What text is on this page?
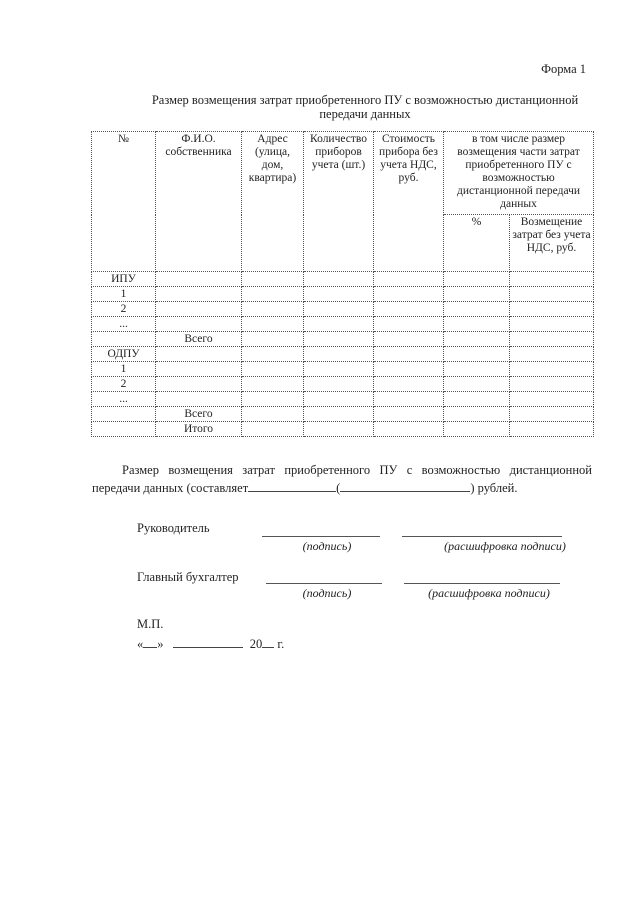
Форма 1
Размер возмещения затрат приобретенного ПУ с возможностью дистанционной передачи данных
№	Ф.И.О. собственника	Адрес (улица, дом, квартира)	Количество приборов учета (шт.)	Стоимость прибора без учета НДС, руб.	в том числе размер возмещения части затрат приобретенного ПУ с возможностью дистанционной передачи данных	
					%	Возмещение затрат без учета НДС, руб.
ИПУ						
1						
2						
...						
	Всего					
ОДПУ						
1						
2						
...						
	Всего					
	Итого					
Размер возмещения затрат приобретенного ПУ с возможностью дистанционной передачи данных (составляет	(	) рублей.
Руководитель
(подпись)	(расшифровка подписи)
Главный бухгалтер
(подпись)	(расшифровка подписи)
М.П.
« »	20 г.
